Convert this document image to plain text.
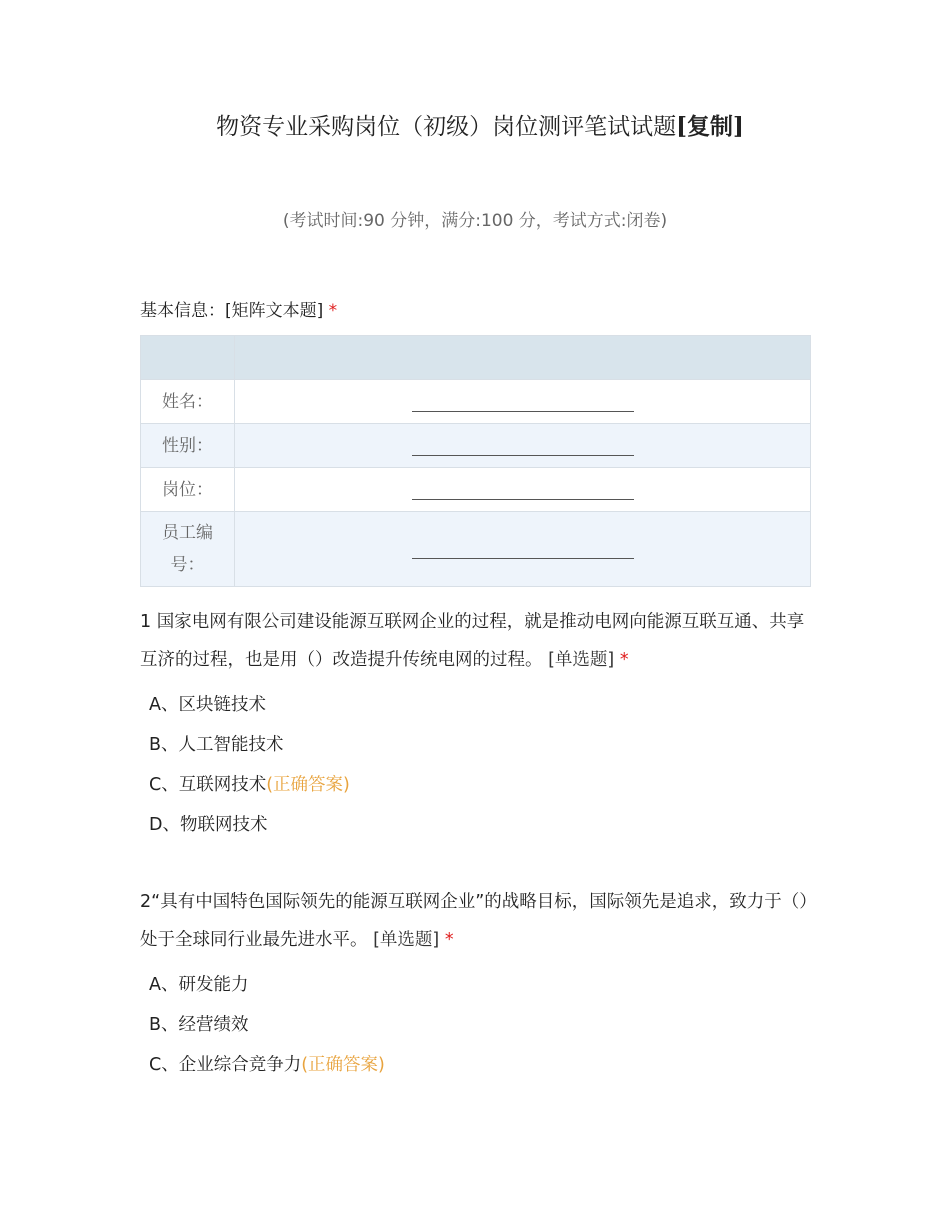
物资专业采购岗位（初级）岗位测评笔试试题[复制]
(考试时间:90 分钟，满分:100 分，考试方式:闭卷)
基本信息：[矩阵文本题] *

姓名：	

性别：	

岗位：	

员工编
号：	
1 国家电网有限公司建设能源互联网企业的过程，就是推动电网向能源互联互通、共享互济的过程，也是用（）改造提升传统电网的过程。 [单选题] *
A、区块链技术
B、人工智能技术
C、互联网技术(正确答案)
D、物联网技术
2“具有中国特色国际领先的能源互联网企业”的战略目标，国际领先是追求，致力于（）处于全球同行业最先进水平。 [单选题] *
A、研发能力
B、经营绩效
C、企业综合竞争力(正确答案)
